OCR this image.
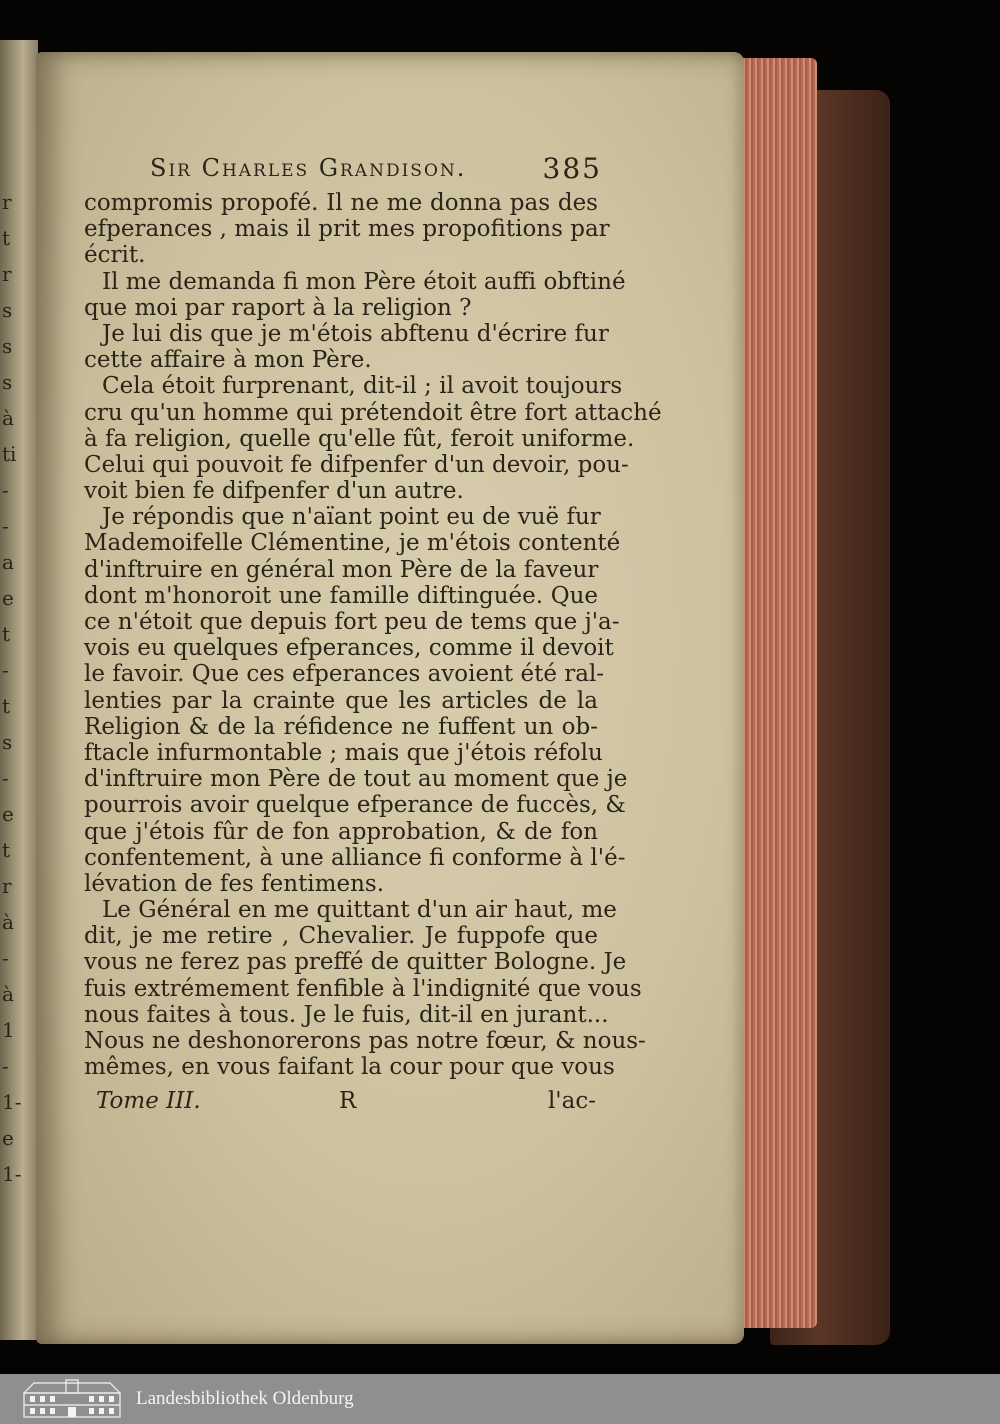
r
t
r
s
s
s
à
ti
-
-
a
e
t
-
t
s
-
e
t
r
à
-
à
1
-
1-
e
1-
Sir Charles Grandison.	385
compromis propofé. Il ne me donna pas des
efperances , mais il prit mes propofitions par
écrit.
Il me demanda fi mon Père étoit auffi obftiné
que moi par raport à la religion ?
Je lui dis que je m'étois abftenu d'écrire fur
cette affaire à mon Père.
Cela étoit furprenant, dit-il ; il avoit toujours
cru qu'un homme qui prétendoit être fort attaché
à fa religion, quelle qu'elle fût, feroit uniforme.
Celui qui pouvoit fe difpenfer d'un devoir, pou-
voit bien fe difpenfer d'un autre.
Je répondis que n'aïant point eu de vuë fur
Mademoifelle Clémentine, je m'étois contenté
d'inftruire en général mon Père de la faveur
dont m'honoroit une famille diftinguée. Que
ce n'étoit que depuis fort peu de tems que j'a-
vois eu quelques efperances, comme il devoit
le favoir. Que ces efperances avoient été ral-
lenties par la crainte que les articles de la
Religion & de la réfidence ne fuffent un ob-
ftacle infurmontable ; mais que j'étois réfolu
d'inftruire mon Père de tout au moment que je
pourrois avoir quelque efperance de fuccès, &
que j'étois fûr de fon approbation, & de fon
confentement, à une alliance fi conforme à l'é-
lévation de fes fentimens.
Le Général en me quittant d'un air haut, me
dit, je me retire , Chevalier. Je fuppofe que
vous ne ferez pas preffé de quitter Bologne. Je
fuis extrémement fenfible à l'indignité que vous
nous faites à tous. Je le fuis, dit-il en jurant...
Nous ne deshonorerons pas notre fœur, & nous-
mêmes, en vous faifant la cour pour que vous
Tome III.	R	l'ac-
Landesbibliothek Oldenburg
